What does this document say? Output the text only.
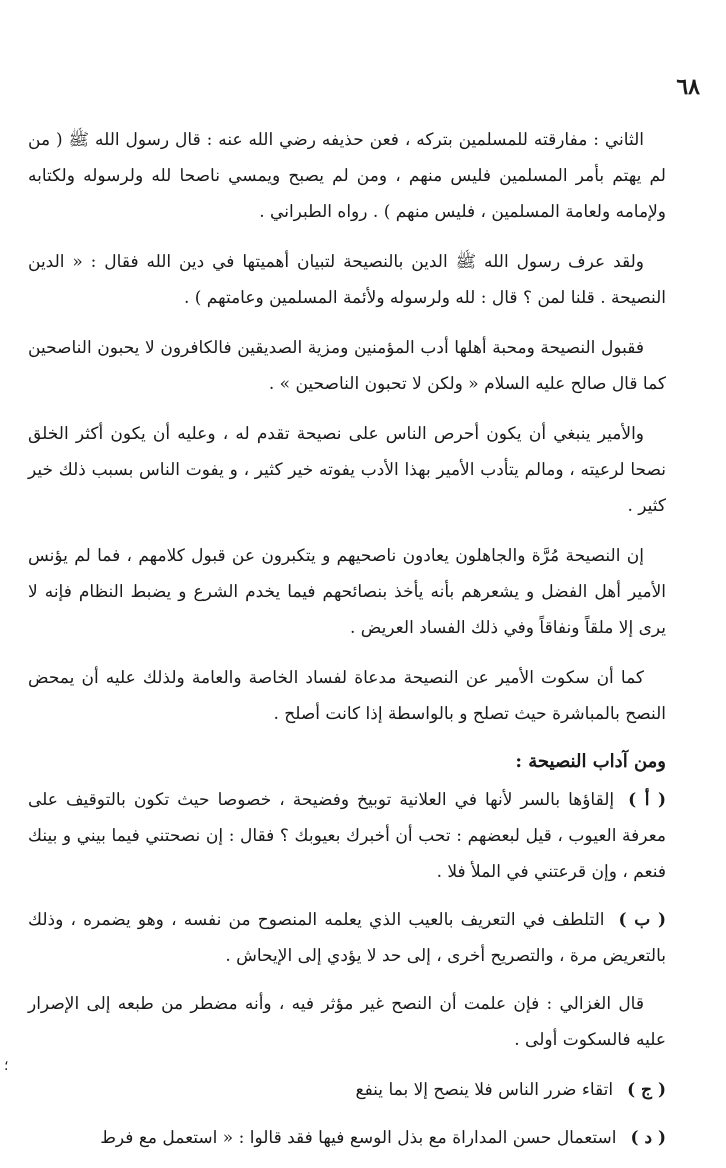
٦٨

الثاني : مفارقته للمسلمين بتركه ، فعن حذيفه رضي الله عنه : قال رسول الله ﷺ ( من لم يهتم بأمر المسلمين فليس منهم ، ومن لم يصبح ويمسي ناصحا لله ولرسوله ولكتابه ولإمامه ولعامة المسلمين ، فليس منهم ) . رواه الطبراني .

ولقد عرف رسول الله ﷺ الدين بالنصيحة لتبيان أهميتها في دين الله فقال : « الدين النصيحة . قلنا لمن ؟ قال : لله ولرسوله ولأئمة المسلمين وعامتهم ) .

فقبول النصيحة ومحبة أهلها أدب المؤمنين ومزية الصديقين فالكافرون لا يحبون الناصحين كما قال صالح عليه السلام « ولكن لا تحبون الناصحين » .

والأمير ينبغي أن يكون أحرص الناس على نصيحة تقدم له ، وعليه أن يكون أكثر الخلق نصحا لرعيته ، ومالم يتأدب الأمير بهذا الأدب يفوته خير كثير ، و يفوت الناس بسبب ذلك خير كثير .

إن النصيحة مُرَّة والجاهلون يعادون ناصحيهم و يتكبرون عن قبول كلامهم ، فما لم يؤنس الأمير أهل الفضل و يشعرهم بأنه يأخذ بنصائحهم فيما يخدم الشرع و يضبط النظام فإنه لا يرى إلا ملقاً ونفاقاً وفي ذلك الفساد العريض .

كما أن سكوت الأمير عن النصيحة مدعاة لفساد الخاصة والعامة ولذلك عليه أن يمحض النصح بالمباشرة حيث تصلح و بالواسطة إذا كانت أصلح .

ومن آداب النصيحة :

( أ )إلقاؤها بالسر لأنها في العلانية توبيخ وفضيحة ، خصوصا حيث تكون بالتوقيف على معرفة العيوب ، قيل لبعضهم : تحب أن أخبرك بعيوبك ؟ فقال : إن نصحتني فيما بيني و بينك فنعم ، وإن قرعتني في الملأ فلا .

( ب )التلطف في التعريف بالعيب الذي يعلمه المنصوح من نفسه ، وهو يضمره ، وذلك بالتعريض مرة ، والتصريح أخرى ، إلى حد لا يؤدي إلى الإيحاش .

قال الغزالي : فإن علمت أن النصح غير مؤثر فيه ، وأنه مضطر من طبعه إلى الإصرار عليه فالسكوت أولى .

( ج )اتقاء ضرر الناس فلا ينصح إلا بما ينفع

( د )استعمال حسن المداراة مع بذل الوسع فيها فقد قالوا : « استعمل مع فرط

؛
